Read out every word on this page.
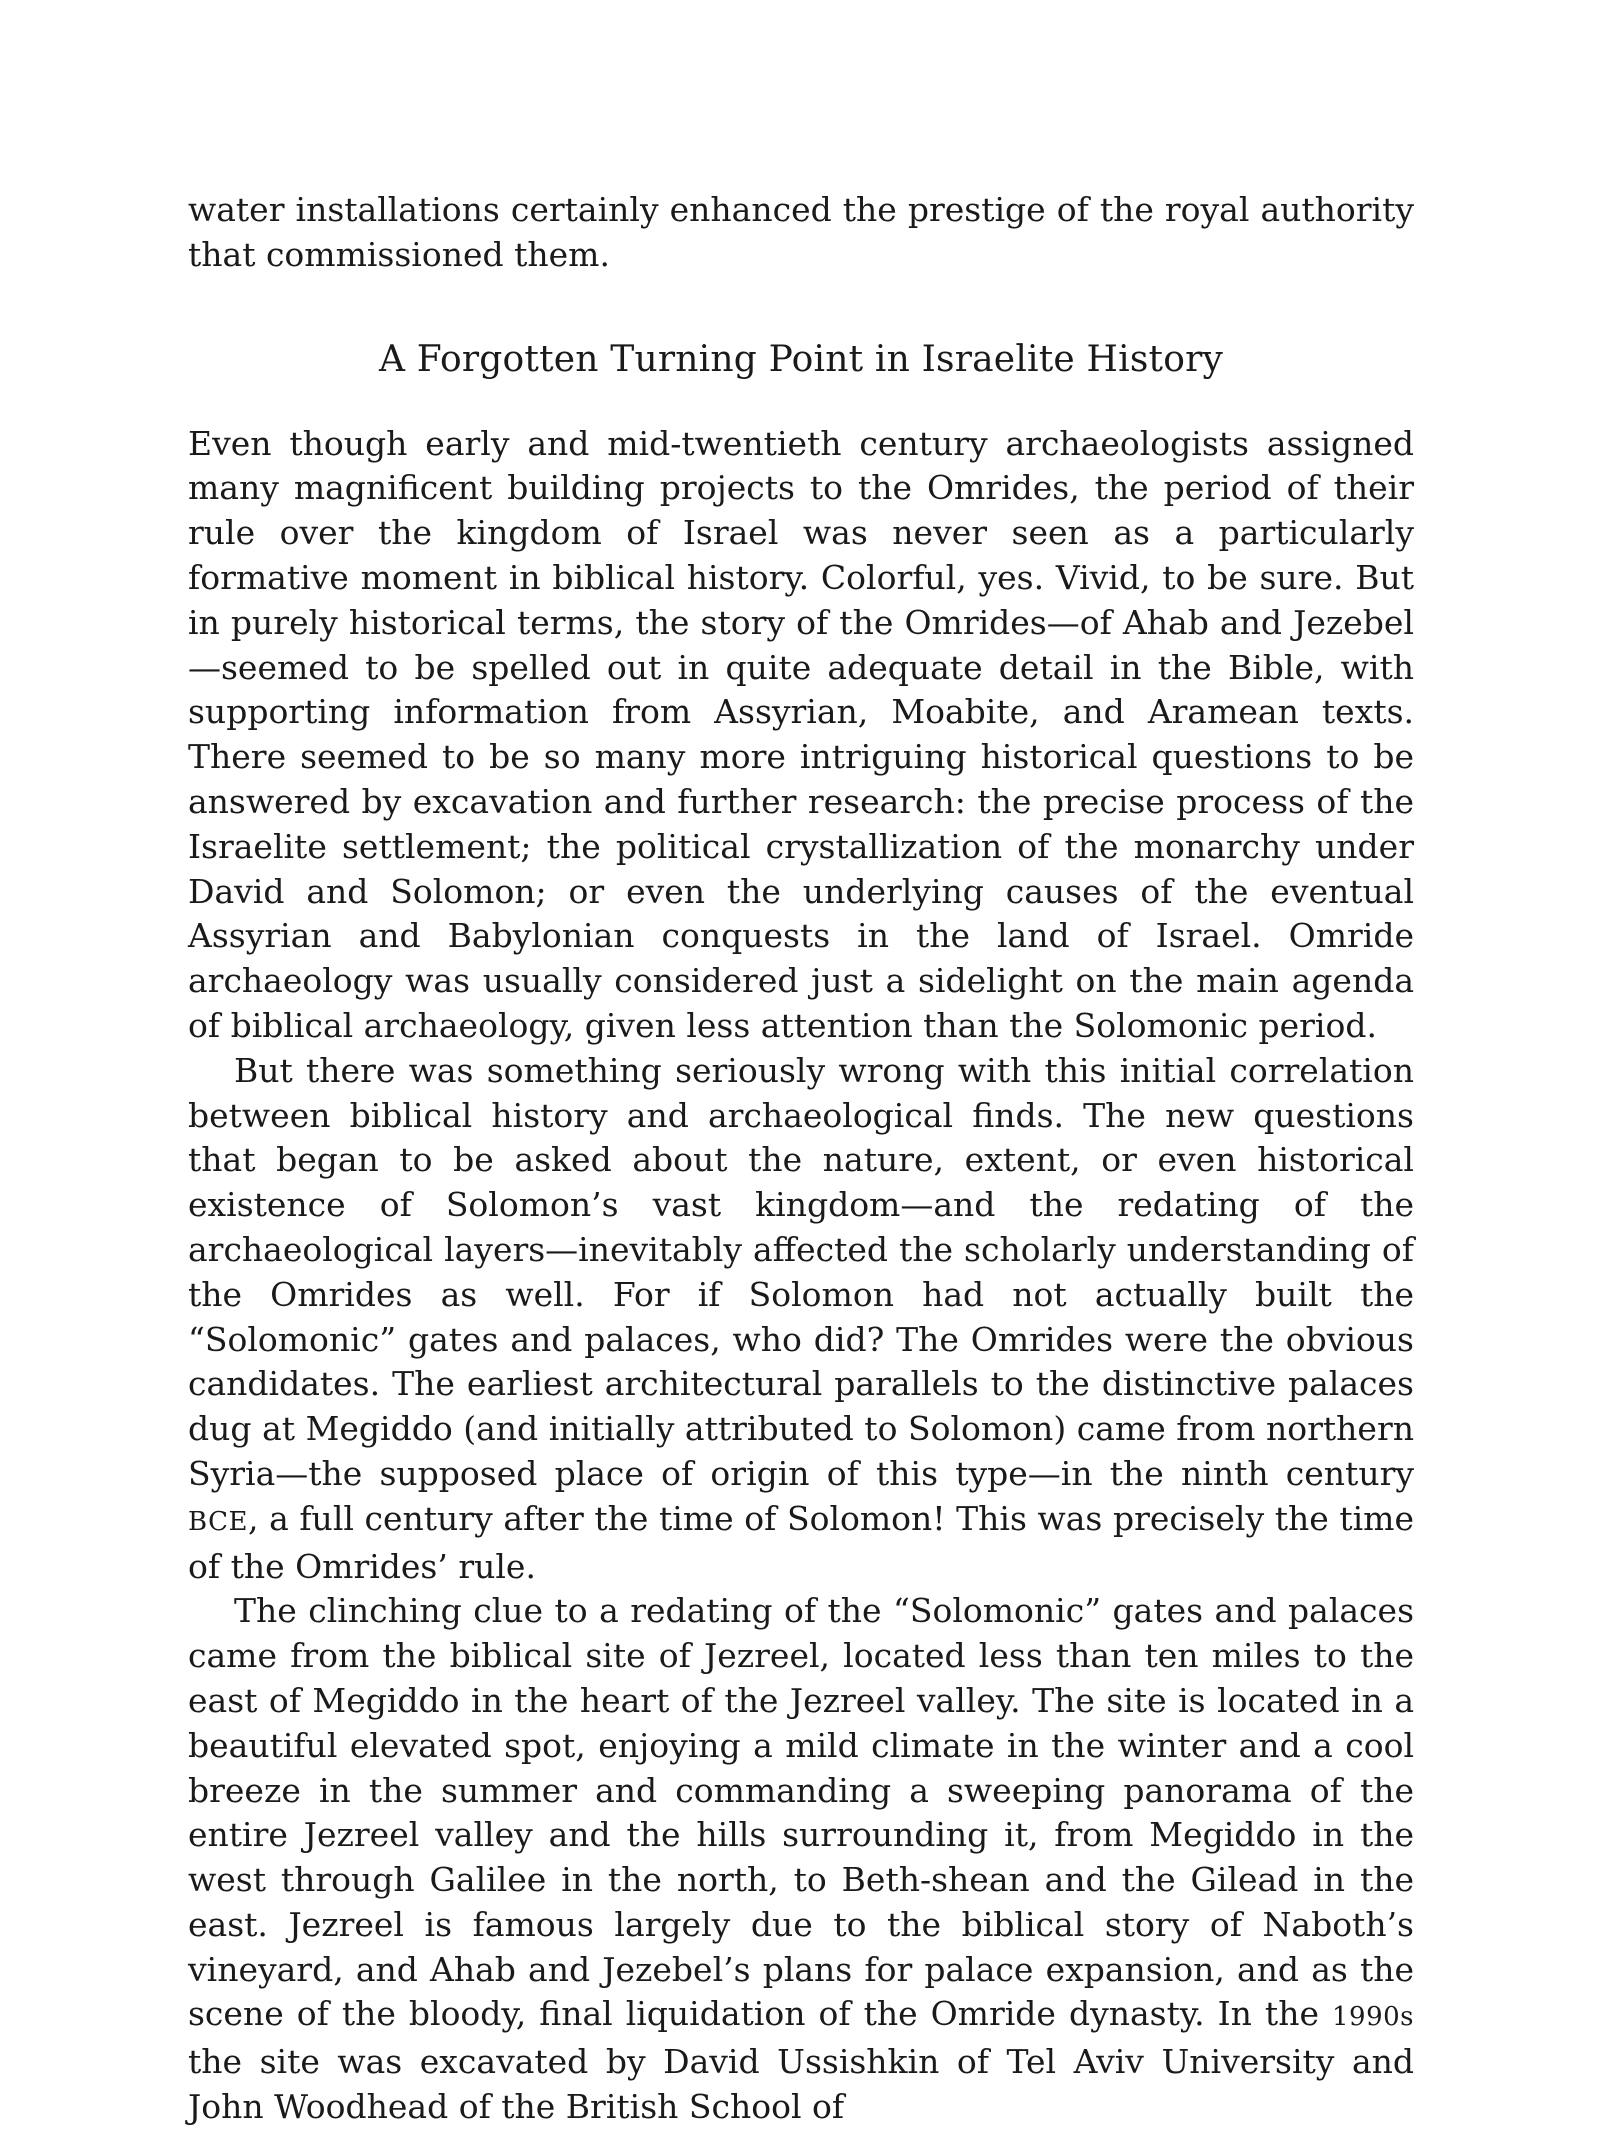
water installations certainly enhanced the prestige of the royal authority that commissioned them.

A Forgotten Turning Point in Israelite History

Even though early and mid-twentieth century archaeologists assigned many magnificent building projects to the Omrides, the period of their rule over the kingdom of Israel was never seen as a particularly formative moment in biblical history. Colorful, yes. Vivid, to be sure. But in purely historical terms, the story of the Omrides—of Ahab and Jezebel—seemed to be spelled out in quite adequate detail in the Bible, with supporting information from Assyrian, Moabite, and Aramean texts. There seemed to be so many more intriguing historical questions to be answered by excavation and further research: the precise process of the Israelite settlement; the political crystallization of the monarchy under David and Solomon; or even the underlying causes of the eventual Assyrian and Babylonian conquests in the land of Israel. Omride archaeology was usually considered just a sidelight on the main agenda of biblical archaeology, given less attention than the Solomonic period.

But there was something seriously wrong with this initial correlation between biblical history and archaeological finds. The new questions that began to be asked about the nature, extent, or even historical existence of Solomon’s vast kingdom—and the redating of the archaeological layers—inevitably affected the scholarly understanding of the Omrides as well. For if Solomon had not actually built the “Solomonic” gates and palaces, who did? The Omrides were the obvious candidates. The earliest architectural parallels to the distinctive palaces dug at Megiddo (and initially attributed to Solomon) came from northern Syria—the supposed place of origin of this type—in the ninth century BCE, a full century after the time of Solomon! This was precisely the time of the Omrides’ rule.

The clinching clue to a redating of the “Solomonic” gates and palaces came from the biblical site of Jezreel, located less than ten miles to the east of Megiddo in the heart of the Jezreel valley. The site is located in a beautiful elevated spot, enjoying a mild climate in the winter and a cool breeze in the summer and commanding a sweeping panorama of the entire Jezreel valley and the hills surrounding it, from Megiddo in the west through Galilee in the north, to Beth-shean and the Gilead in the east. Jezreel is famous largely due to the biblical story of Naboth’s vineyard, and Ahab and Jezebel’s plans for palace expansion, and as the scene of the bloody, final liquidation of the Omride dynasty. In the 1990s the site was excavated by David Ussishkin of Tel Aviv University and John Woodhead of the British School of
